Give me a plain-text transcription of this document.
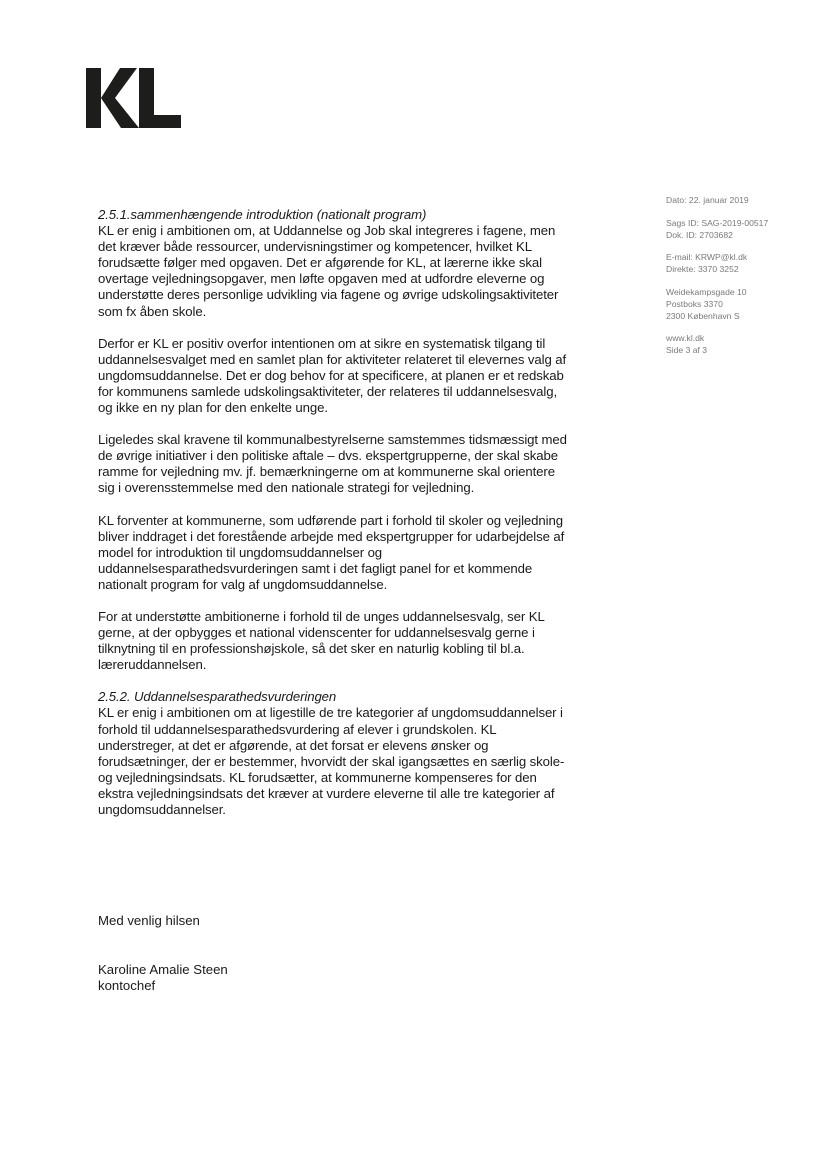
Dato: 22. januar 2019
Sags ID: SAG-2019-00517
Dok. ID: 2703682
E-mail: KRWP@kl.dk
Direkte: 3370 3252
Weidekampsgade 10
Postboks 3370
2300 København S
www.kl.dk
Side 3 af 3

2.5.1.sammenhængende introduktion (nationalt program)
KL er enig i ambitionen om, at Uddannelse og Job skal integreres i fagene, men det kræver både ressourcer, undervisningstimer og kompetencer, hvilket KL forudsætte følger med opgaven. Det er afgørende for KL, at lærerne ikke skal overtage vejledningsopgaver, men løfte opgaven med at udfordre eleverne og understøtte deres personlige udvikling via fagene og øvrige udskolingsaktiviteter som fx åben skole.

Derfor er KL er positiv overfor intentionen om at sikre en systematisk tilgang til uddannelsesvalget med en samlet plan for aktiviteter relateret til elevernes valg af ungdomsuddannelse. Det er dog behov for at specificere, at planen er et redskab for kommunens samlede udskolingsaktiviteter, der relateres til uddannelsesvalg, og ikke en ny plan for den enkelte unge.

Ligeledes skal kravene til kommunalbestyrelserne samstemmes tidsmæssigt med de øvrige initiativer i den politiske aftale – dvs. ekspertgrupperne, der skal skabe ramme for vejledning mv. jf. bemærkningerne om at kommunerne skal orientere sig i overensstemmelse med den nationale strategi for vejledning.

KL forventer at kommunerne, som udførende part i forhold til skoler og vejledning bliver inddraget i det forestående arbejde med ekspertgrupper for udarbejdelse af model for introduktion til ungdomsuddannelser og uddannelsesparathedsvurderingen samt i det fagligt panel for et kommende nationalt program for valg af ungdomsuddannelse.

For at understøtte ambitionerne i forhold til de unges uddannelsesvalg, ser KL gerne, at der opbygges et national videnscenter for uddannelsesvalg gerne i tilknytning til en professionshøjskole, så det sker en naturlig kobling til bl.a. læreruddannelsen.

2.5.2. Uddannelsesparathedsvurderingen
KL er enig i ambitionen om at ligestille de tre kategorier af ungdomsuddannelser i forhold til uddannelsesparathedsvurdering af elever i grundskolen. KL understreger, at det er afgørende, at det forsat er elevens ønsker og forudsætninger, der er bestemmer, hvorvidt der skal igangsættes en særlig skole- og vejledningsindsats. KL forudsætter, at kommunerne kompenseres for den ekstra vejledningsindsats det kræver at vurdere eleverne til alle tre kategorier af ungdomsuddannelser.

Med venlig hilsen
Karoline Amalie Steen
kontochef
